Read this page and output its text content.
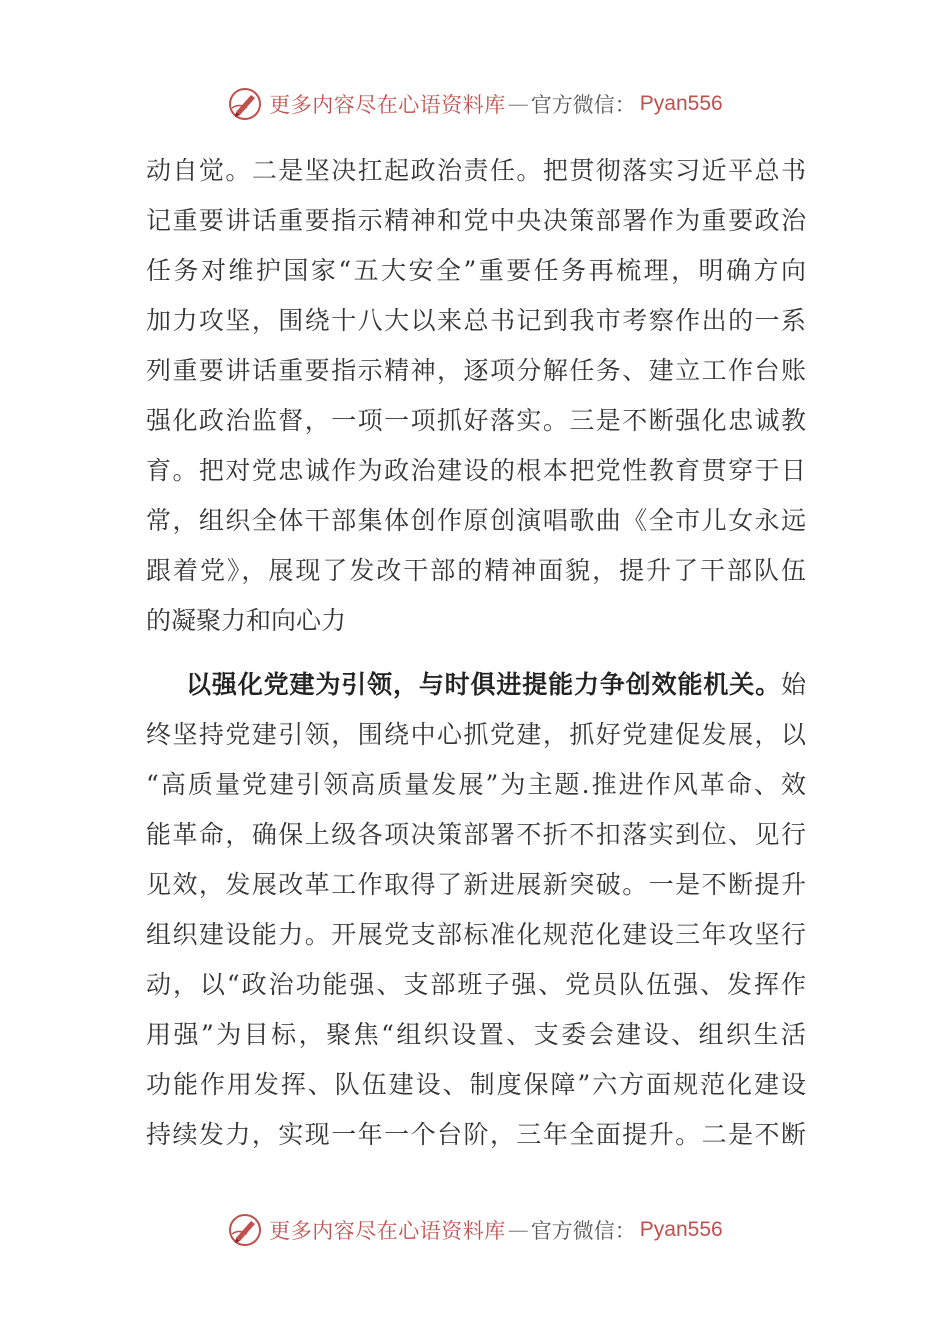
更多内容尽在心语资料库 — 官方微信： Pyan556
动自觉。二是坚决扛起政治责任。把贯彻落实习近平总书
记重要讲话重要指示精神和党中央决策部署作为重要政治
任务对维护国家“五大安全”重要任务再梳理，明确方向
加力攻坚，围绕十八大以来总书记到我市考察作出的一系
列重要讲话重要指示精神，逐项分解任务、建立工作台账
强化政治监督，一项一项抓好落实。三是不断强化忠诚教
育。把对党忠诚作为政治建设的根本把党性教育贯穿于日
常，组织全体干部集体创作原创演唱歌曲《全市儿女永远
跟着党》，展现了发改干部的精神面貌，提升了干部队伍
的凝聚力和向心力
以强化党建为引领，与时俱进提能力争创效能机关。始
终坚持党建引领，围绕中心抓党建，抓好党建促发展，以
“高质量党建引领高质量发展”为主题.推进作风革命、效
能革命，确保上级各项决策部署不折不扣落实到位、见行
见效，发展改革工作取得了新进展新突破。一是不断提升
组织建设能力。开展党支部标准化规范化建设三年攻坚行
动，以“政治功能强、支部班子强、党员队伍强、发挥作
用强”为目标，聚焦“组织设置、支委会建设、组织生活
功能作用发挥、队伍建设、制度保障”六方面规范化建设
持续发力，实现一年一个台阶，三年全面提升。二是不断
更多内容尽在心语资料库 — 官方微信： Pyan556
